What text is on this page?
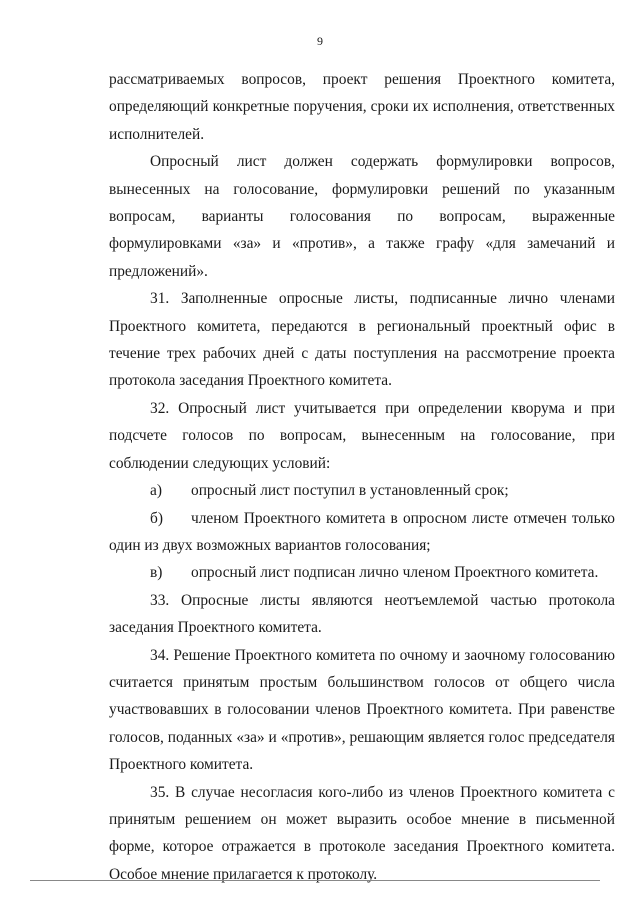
9

рассматриваемых вопросов, проект решения Проектного комитета, определяющий конкретные поручения, сроки их исполнения, ответственных исполнителей.

Опросный лист должен содержать формулировки вопросов, вынесенных на голосование, формулировки решений по указанным вопросам, варианты голосования по вопросам, выраженные формулировками «за» и «против», а также графу «для замечаний и предложений».

31. Заполненные опросные листы, подписанные лично членами Проектного комитета, передаются в региональный проектный офис в течение трех рабочих дней с даты поступления на рассмотрение проекта протокола заседания Проектного комитета.

32. Опросный лист учитывается при определении кворума и при подсчете голосов по вопросам, вынесенным на голосование, при соблюдении следующих условий:

а) опросный лист поступил в установленный срок;

б) членом Проектного комитета в опросном листе отмечен только один из двух возможных вариантов голосования;

в) опросный лист подписан лично членом Проектного комитета.

33. Опросные листы являются неотъемлемой частью протокола заседания Проектного комитета.

34. Решение Проектного комитета по очному и заочному голосованию считается принятым простым большинством голосов от общего числа участвовавших в голосовании членов Проектного комитета. При равенстве голосов, поданных «за» и «против», решающим является голос председателя Проектного комитета.

35. В случае несогласия кого-либо из членов Проектного комитета с принятым решением он может выразить особое мнение в письменной форме, которое отражается в протоколе заседания Проектного комитета. Особое мнение прилагается к протоколу.
